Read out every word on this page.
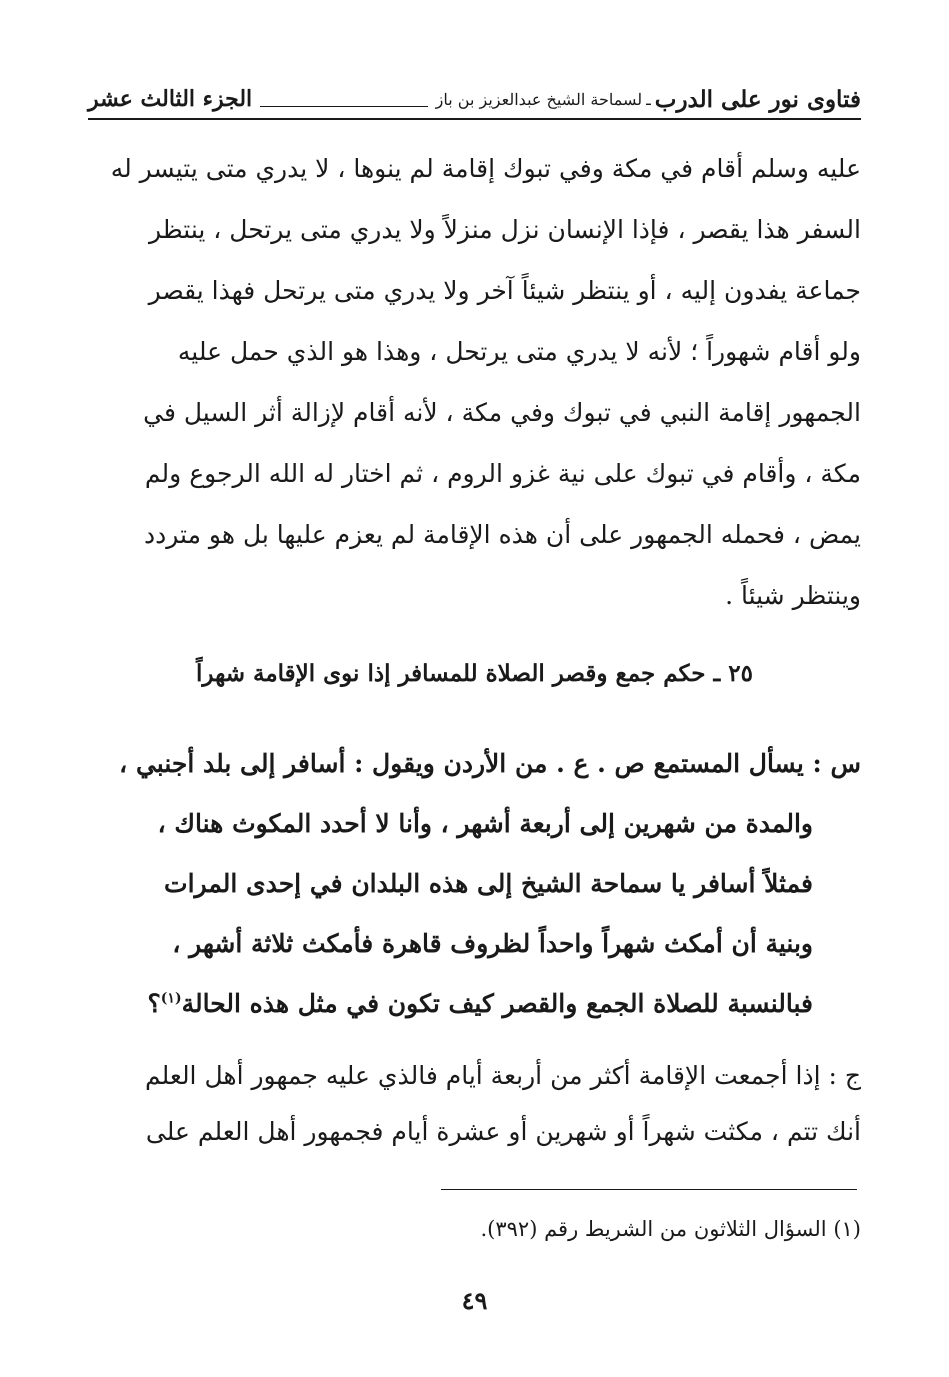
فتاوى نور على الدرب
ـ
لسماحة الشيخ عبدالعزيز بن باز
الجزء الثالث عشر

عليه وسلم أقام في مكة وفي تبوك إقامة لم ينوها ، لا يدري متى يتيسر له

السفر هذا يقصر ، فإذا الإنسان نزل منزلاً ولا يدري متى يرتحل ، ينتظر

جماعة يفدون إليه ، أو ينتظر شيئاً آخر ولا يدري متى يرتحل فهذا يقصر

ولو أقام شهوراً ؛ لأنه لا يدري متى يرتحل ، وهذا هو الذي حمل عليه

الجمهور إقامة النبي في تبوك وفي مكة ، لأنه أقام لإزالة أثر السيل في

مكة ، وأقام في تبوك على نية غزو الروم ، ثم اختار له الله الرجوع ولم

يمض ، فحمله الجمهور على أن هذه الإقامة لم يعزم عليها بل هو متردد

وينتظر شيئاً .

٢٥ ـ حكم جمع وقصر الصلاة للمسافر إذا نوى الإقامة شهراً
س : يسأل المستمع ص . ع . من الأردن ويقول : أسافر إلى بلد أجنبي ،
والمدة من شهرين إلى أربعة أشهر ، وأنا لا أحدد المكوث هناك ،
فمثلاً أسافر يا سماحة الشيخ إلى هذه البلدان في إحدى المرات
وبنية أن أمكث شهراً واحداً لظروف قاهرة فأمكث ثلاثة أشهر ،
فبالنسبة للصلاة الجمع والقصر كيف تكون في مثل هذه الحالة$^{(١)}$؟
ج : إذا أجمعت الإقامة أكثر من أربعة أيام فالذي عليه جمهور أهل العلم
أنك تتم ، مكثت شهراً أو شهرين أو عشرة أيام فجمهور أهل العلم على
(١) السؤال الثلاثون من الشريط رقم (٣٩٢).
٤٩
